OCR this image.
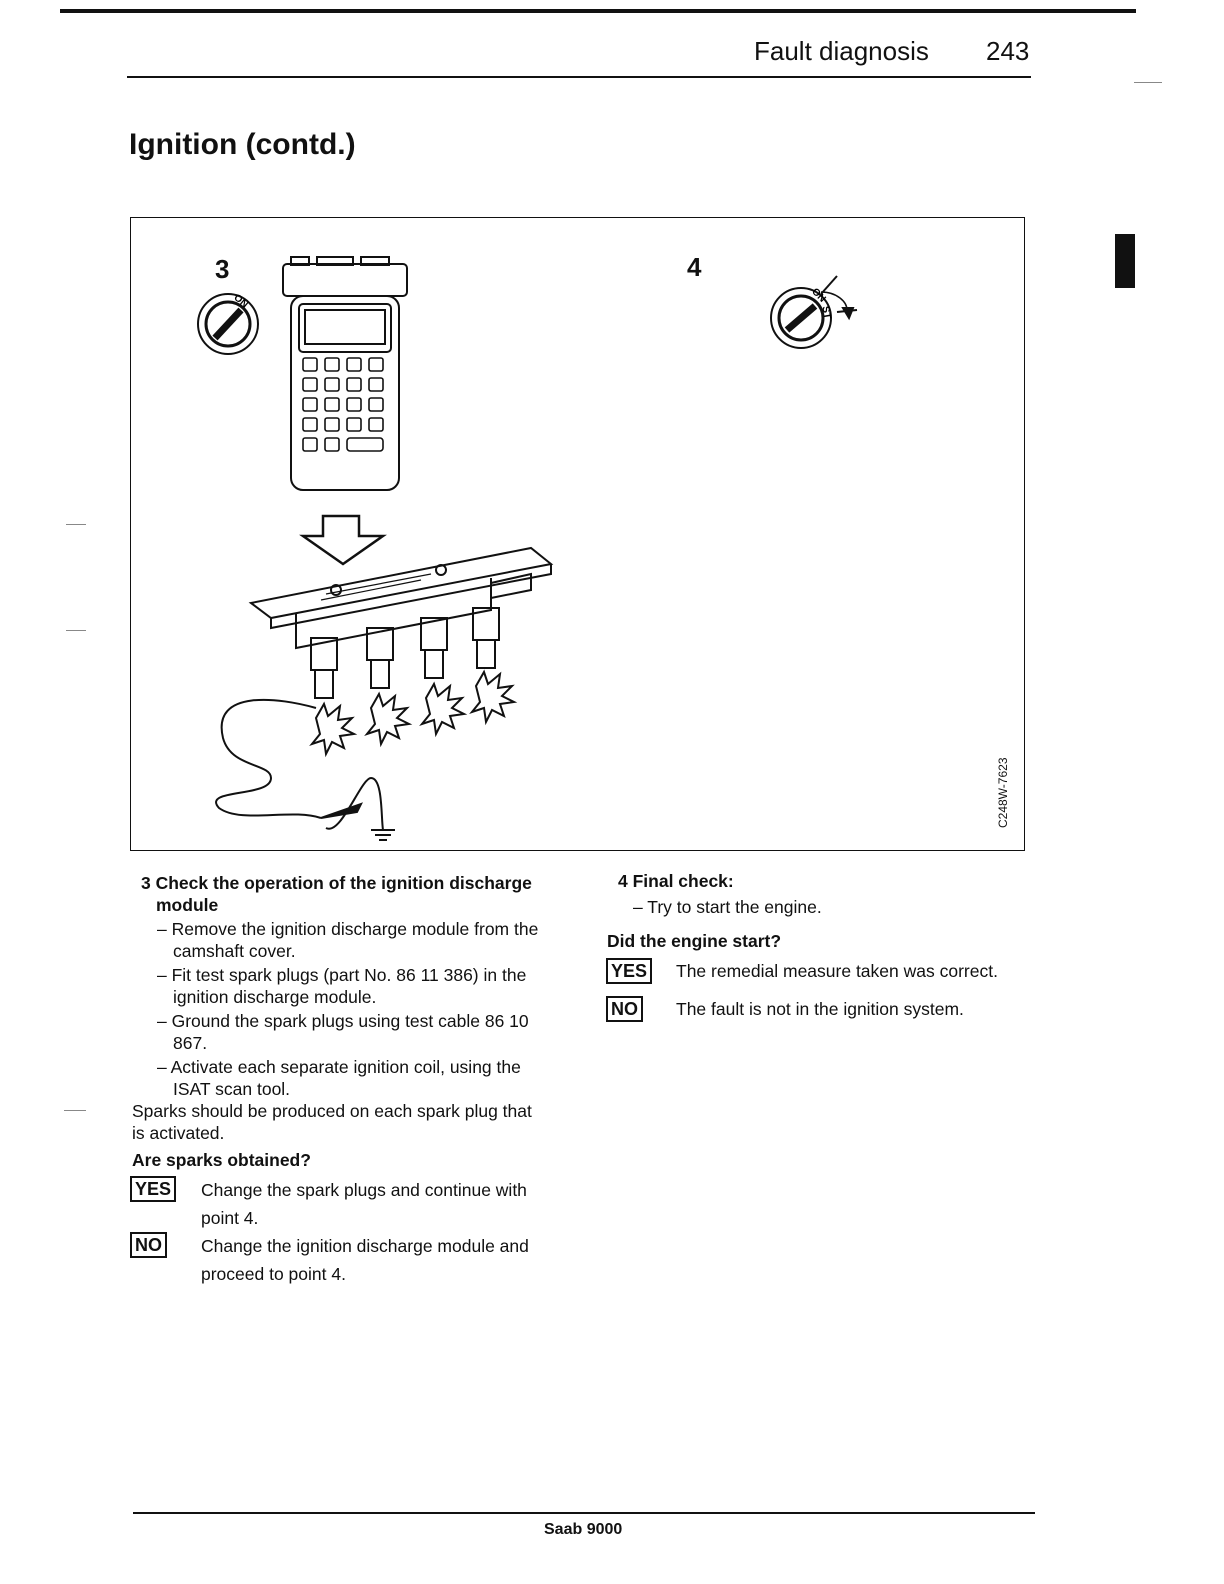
Fault diagnosis 243
Ignition (contd.)
3	4
ON	ON
ST
C248W-7623
3 Check the operation of the ignition discharge
module
– Remove the ignition discharge module from the
camshaft cover.
– Fit test spark plugs (part No. 86 11 386) in the
ignition discharge module.
– Ground the spark plugs using test cable 86 10
867.
– Activate each separate ignition coil, using the
ISAT scan tool.
Sparks should be produced on each spark plug that
is activated.
Are sparks obtained?
YES Change the spark plugs and continue with
point 4.
NO Change the ignition discharge module and
proceed to point 4.
4 Final check:
– Try to start the engine.
Did the engine start?
YES The remedial measure taken was correct.
NO The fault is not in the ignition system.
Saab 9000
